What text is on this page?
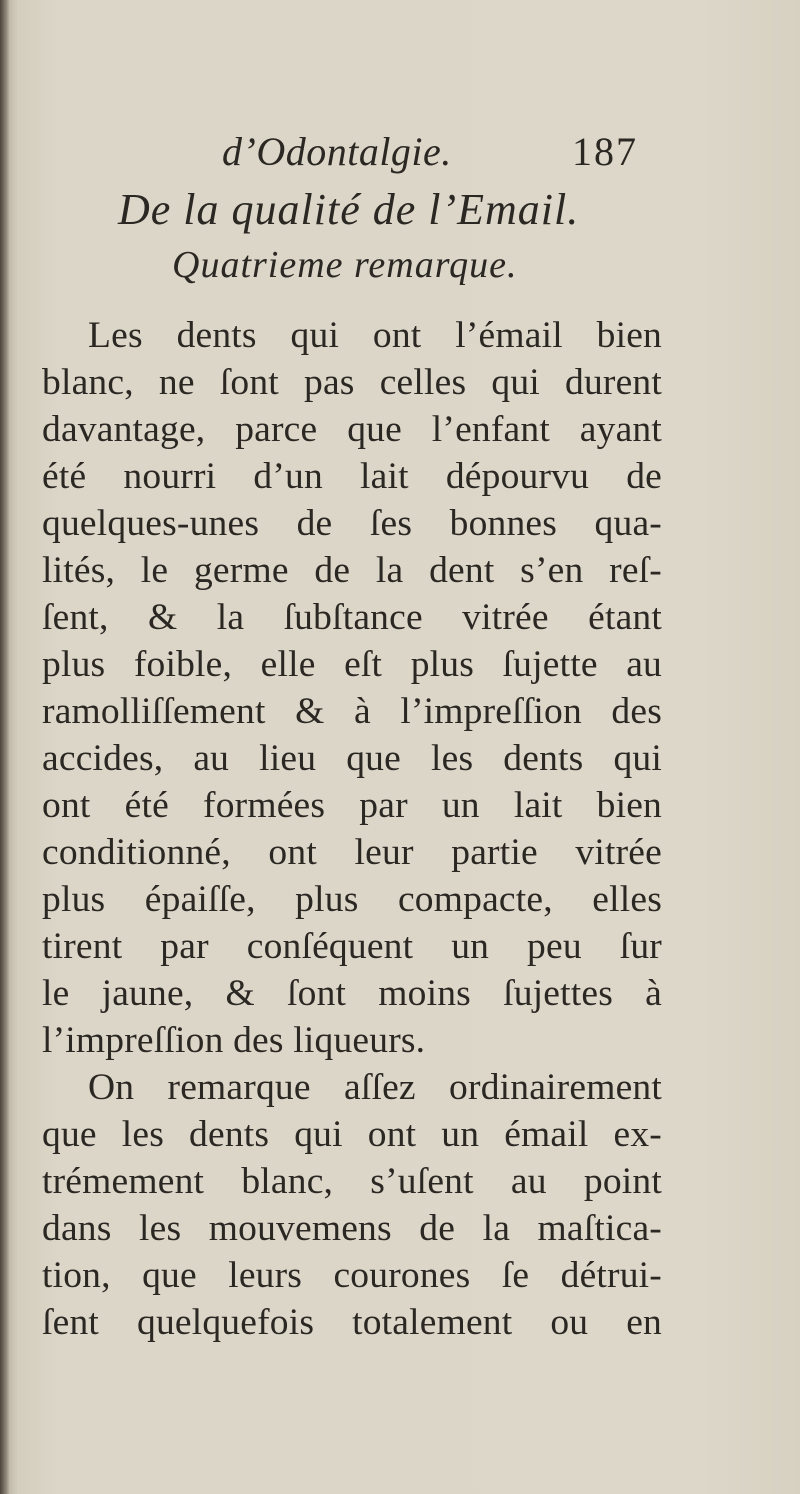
d’Odontalgie.	187
De la qualité de l’Email.
Quatrieme remarque.
Les dents qui ont l’émail bien
blanc, ne ſont pas celles qui durent
davantage, parce que l’enfant ayant
été nourri d’un lait dépourvu de
quelques-unes de ſes bonnes qua-
lités, le germe de la dent s’en reſ-
ſent, & la ſubſtance vitrée étant
plus foible, elle eſt plus ſujette au
ramolliſſement & à l’impreſſion des
accides, au lieu que les dents qui
ont été formées par un lait bien
conditionné, ont leur partie vitrée
plus épaiſſe, plus compacte, elles
tirent par conſéquent un peu ſur
le jaune, & ſont moins ſujettes à
l’impreſſion des liqueurs.
On remarque aſſez ordinairement
que les dents qui ont un émail ex-
trémement blanc, s’uſent au point
dans les mouvemens de la maſtica-
tion, que leurs courones ſe détrui-
ſent quelquefois totalement ou en
